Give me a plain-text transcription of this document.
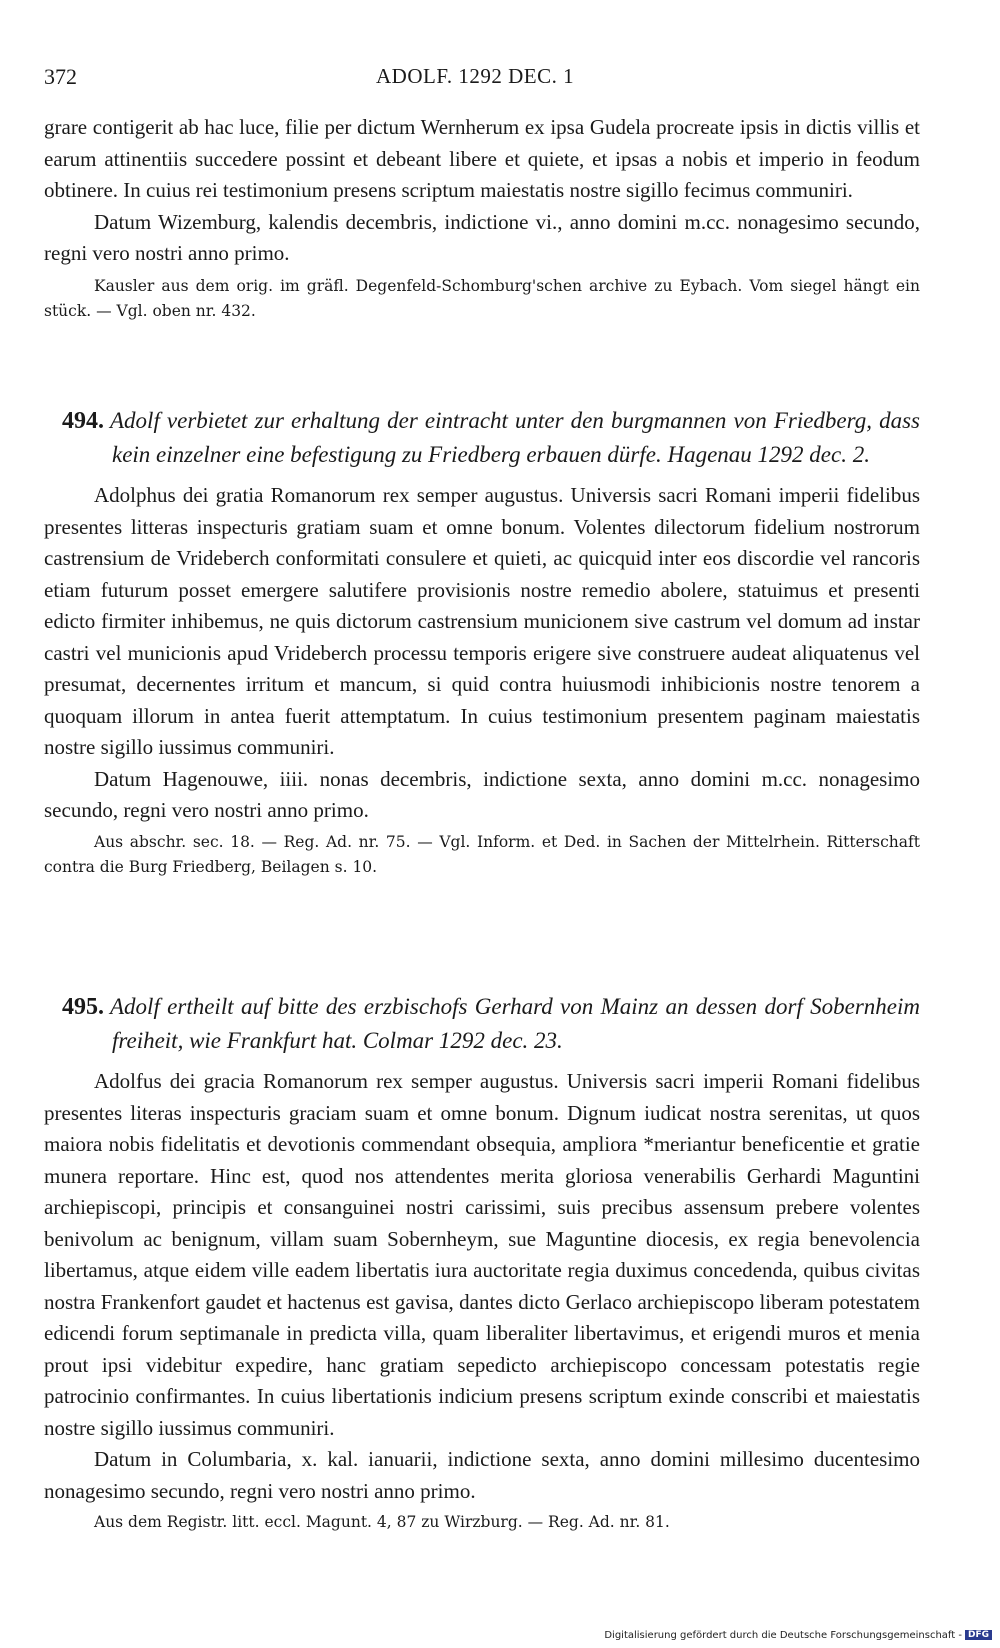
372	ADOLF. 1292 DEC. 1

grare contigerit ab hac luce, filie per dictum Wernherum ex ipsa Gudela procreate ipsis in dictis villis et earum attinentiis succedere possint et debeant libere et quiete, et ipsas a nobis et imperio in feodum obtinere. In cuius rei testimonium presens scriptum maiestatis nostre sigillo fecimus communiri.

Datum Wizemburg, kalendis decembris, indictione vi., anno domini m.cc. nonagesimo secundo, regni vero nostri anno primo.

Kausler aus dem orig. im gräfl. Degenfeld-Schomburg'schen archive zu Eybach. Vom siegel hängt ein stück. — Vgl. oben nr. 432.

494. Adolf verbietet zur erhaltung der eintracht unter den burgmannen von Friedberg, dass kein einzelner eine befestigung zu Friedberg erbauen dürfe. Hagenau 1292 dec. 2.

Adolphus dei gratia Romanorum rex semper augustus. Universis sacri Romani imperii fidelibus presentes litteras inspecturis gratiam suam et omne bonum. Volentes dilectorum fidelium nostrorum castrensium de Vrideberch conformitati consulere et quieti, ac quicquid inter eos discordie vel rancoris etiam futurum posset emergere salutifere provisionis nostre remedio abolere, statuimus et presenti edicto firmiter inhibemus, ne quis dictorum castrensium municionem sive castrum vel domum ad instar castri vel municionis apud Vrideberch processu temporis erigere sive construere audeat aliquatenus vel presumat, decernentes irritum et mancum, si quid contra huiusmodi inhibicionis nostre tenorem a quoquam illorum in antea fuerit attemptatum. In cuius testimonium presentem paginam maiestatis nostre sigillo iussimus communiri.

Datum Hagenouwe, iiii. nonas decembris, indictione sexta, anno domini m.cc. nonagesimo secundo, regni vero nostri anno primo.

Aus abschr. sec. 18. — Reg. Ad. nr. 75. — Vgl. Inform. et Ded. in Sachen der Mittelrhein. Ritterschaft contra die Burg Friedberg, Beilagen s. 10.

495. Adolf ertheilt auf bitte des erzbischofs Gerhard von Mainz an dessen dorf Sobernheim freiheit, wie Frankfurt hat. Colmar 1292 dec. 23.

Adolfus dei gracia Romanorum rex semper augustus. Universis sacri imperii Romani fidelibus presentes literas inspecturis graciam suam et omne bonum. Dignum iudicat nostra serenitas, ut quos maiora nobis fidelitatis et devotionis commendant obsequia, ampliora *meriantur beneficentie et gratie munera reportare. Hinc est, quod nos attendentes merita gloriosa venerabilis Gerhardi Maguntini archiepiscopi, principis et consanguinei nostri carissimi, suis precibus assensum prebere volentes benivolum ac benignum, villam suam Sobernheym, sue Maguntine diocesis, ex regia benevolencia libertamus, atque eidem ville eadem libertatis iura auctoritate regia duximus concedenda, quibus civitas nostra Frankenfort gaudet et hactenus est gavisa, dantes dicto Gerlaco archiepiscopo liberam potestatem edicendi forum septimanale in predicta villa, quam liberaliter libertavimus, et erigendi muros et menia prout ipsi videbitur expedire, hanc gratiam sepedicto archiepiscopo concessam potestatis regie patrocinio confirmantes. In cuius libertationis indicium presens scriptum exinde conscribi et maiestatis nostre sigillo iussimus communiri.

Datum in Columbaria, x. kal. ianuarii, indictione sexta, anno domini millesimo ducentesimo nonagesimo secundo, regni vero nostri anno primo.

Aus dem Registr. litt. eccl. Magunt. 4, 87 zu Wirzburg. — Reg. Ad. nr. 81.

Digitalisierung gefördert durch die Deutsche Forschungsgemeinschaft - DFG
